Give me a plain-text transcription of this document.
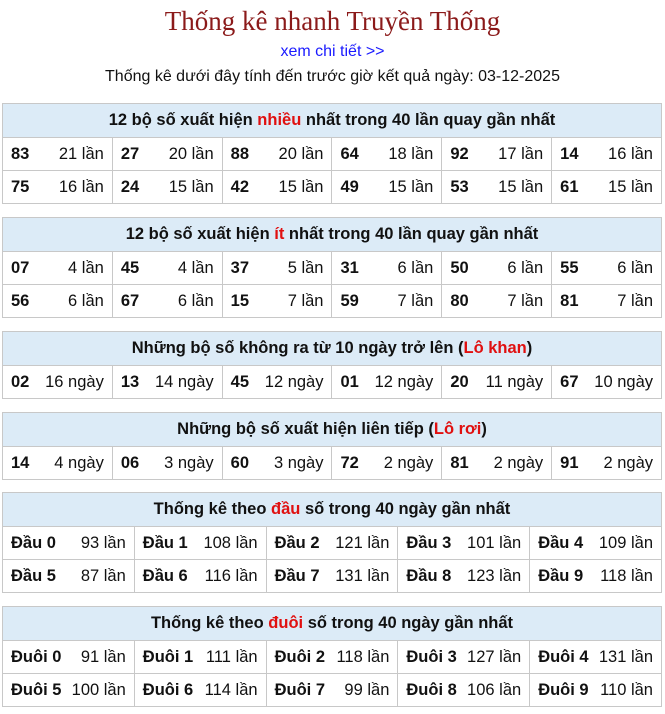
Thống kê nhanh Truyền Thống
xem chi tiết >>
Thống kê dưới đây tính đến trước giờ kết quả ngày: 03-12-2025
12 bộ số xuất hiện nhiều nhất trong 40 lần quay gần nhất					
83 21 lần	27 20 lần	88 20 lần	64 18 lần	92 17 lần	14 16 lần

75 16 lần	24 15 lần	42 15 lần	49 15 lần	53 15 lần	61 15 lần
12 bộ số xuất hiện ít nhất trong 40 lần quay gần nhất					
07 4 lần	45 4 lần	37 5 lần	31 6 lần	50 6 lần	55 6 lần

56 6 lần	67 6 lần	15 7 lần	59 7 lần	80 7 lần	81 7 lần
Những bộ số không ra từ 10 ngày trở lên (Lô khan)
02 16 ngày	13 14 ngày	45 12 ngày	01 12 ngày	20 11 ngày	67 10 ngày
Những bộ số xuất hiện liên tiếp (Lô rơi)
14 4 ngày	06 3 ngày	60 3 ngày	72 2 ngày	81 2 ngày	91 2 ngày
Thống kê theo đầu số trong 40 ngày gần nhất				
Đầu 0 93 lần	Đầu 1 108 lần	Đầu 2 121 lần	Đầu 3 101 lần	Đầu 4 109 lần

Đầu 5 87 lần	Đầu 6 116 lần	Đầu 7 131 lần	Đầu 8 123 lần	Đầu 9 118 lần
Thống kê theo đuôi số trong 40 ngày gần nhất				
Đuôi 0 91 lần	Đuôi 1 111 lần	Đuôi 2 118 lần	Đuôi 3 127 lần	Đuôi 4 131 lần

Đuôi 5 100 lần	Đuôi 6 114 lần	Đuôi 7 99 lần	Đuôi 8 106 lần	Đuôi 9 110 lần
